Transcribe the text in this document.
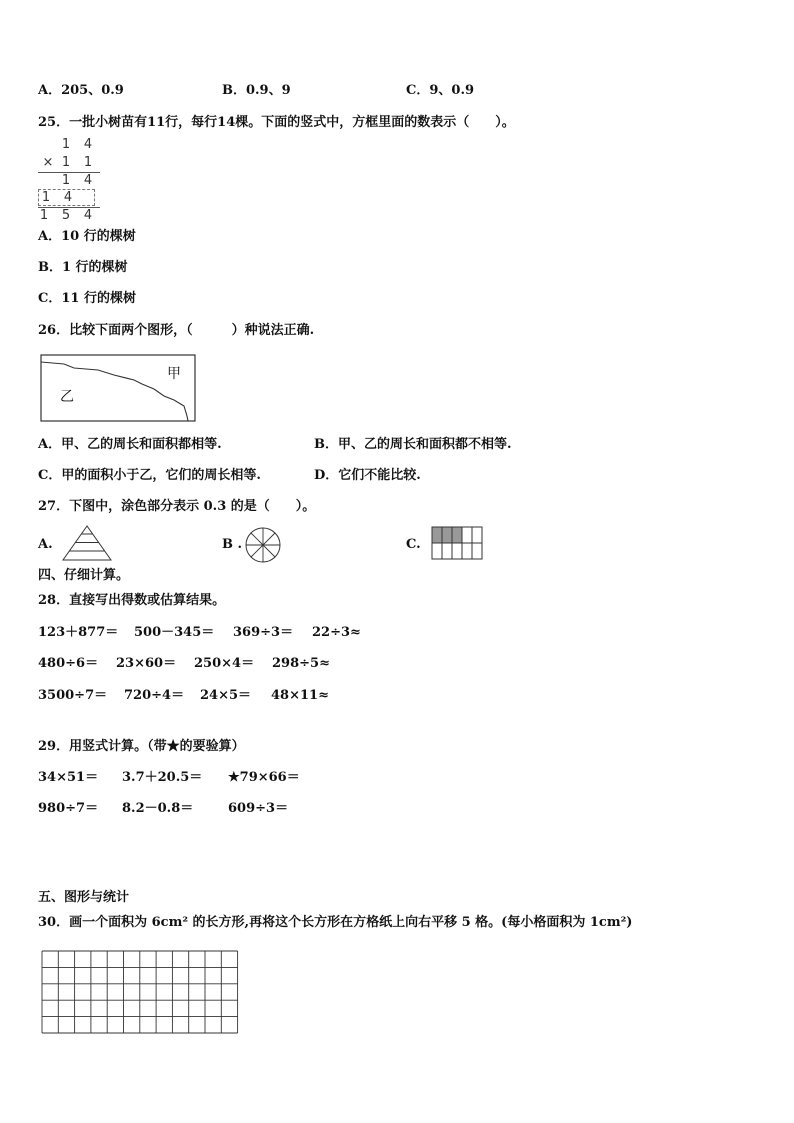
A．205、0.9	B．0.9、9	C．9、0.9
25．一批小树苗有11行，每行14棵。下面的竖式中，方框里面的数表示（　　）。
1 4
× 1 1
1 4
1 4
1 5 4
A．10 行的棵树
B．1 行的棵树
C．11 行的棵树
26．比较下面两个图形，（　　　）种说法正确.
甲
乙
A．甲、乙的周长和面积都相等.	B．甲、乙的周长和面积都不相等.
C．甲的面积小于乙，它们的周长相等.	D．它们不能比较.
27．下图中，涂色部分表示 0.3 的是（　　）。
A.	B .	C.
四、仔细计算。
28．直接写出得数或估算结果。
123＋877＝ 500－345＝ 369÷3＝ 22÷3≈
480÷6＝ 23×60＝ 250×4＝ 298÷5≈
3500÷7＝ 720÷4＝ 24×5＝ 48×11≈
29．用竖式计算。（带★的要验算）
34×51＝ 3.7＋20.5＝ ★79×66＝
980÷7＝ 8.2－0.8＝	609÷3＝
五、图形与统计
30．画一个面积为 6cm² 的长方形,再将这个长方形在方格纸上向右平移 5 格。(每小格面积为 1cm²)
